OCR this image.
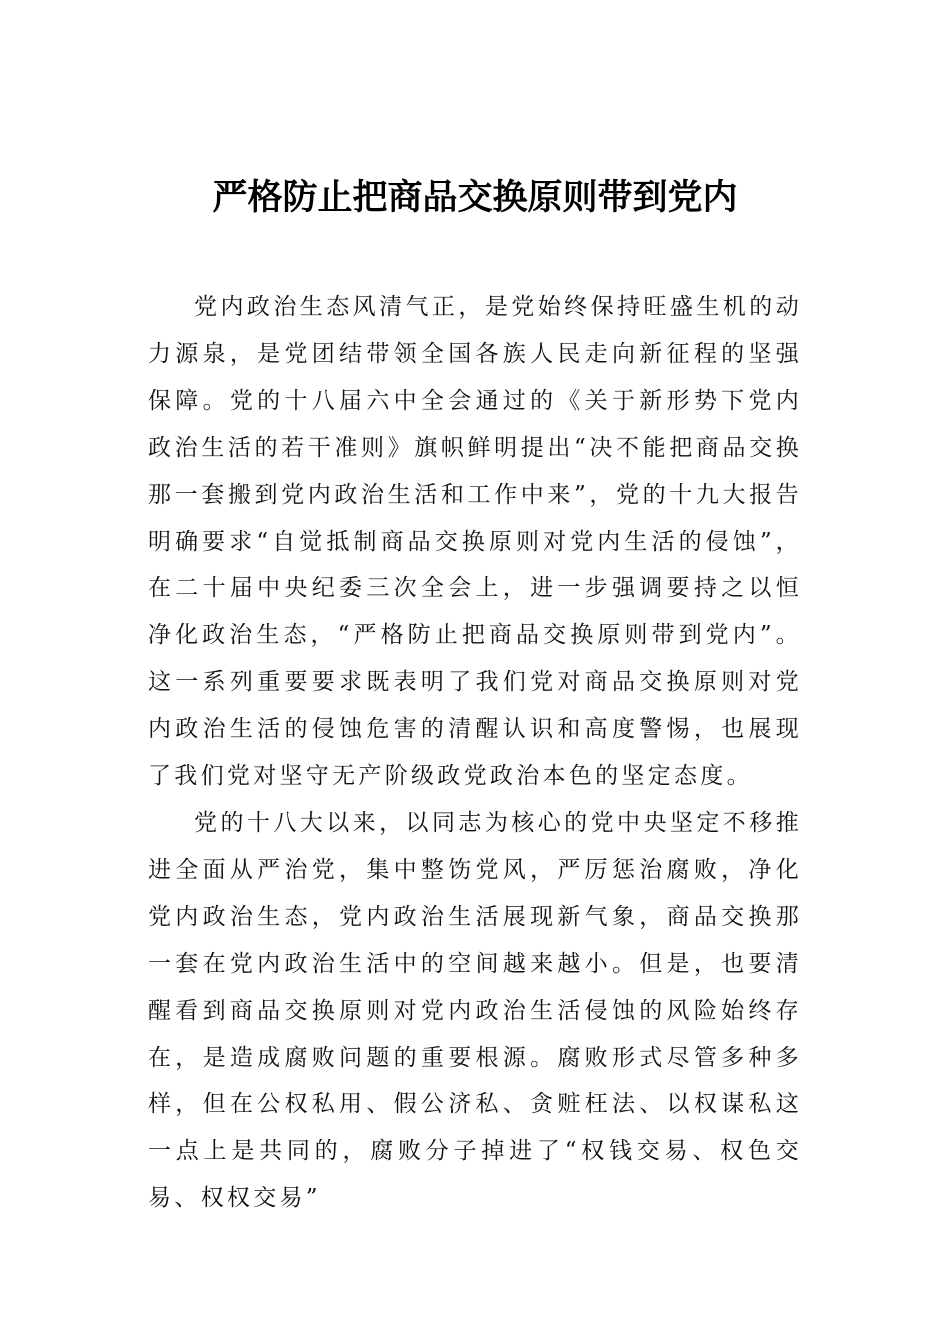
严格防止把商品交换原则带到党内

党内政治生态风清气正，是党始终保持旺盛生机的动力源泉，是党团结带领全国各族人民走向新征程的坚强保障。党的十八届六中全会通过的《关于新形势下党内政治生活的若干准则》旗帜鲜明提出“决不能把商品交换那一套搬到党内政治生活和工作中来”，党的十九大报告明确要求“自觉抵制商品交换原则对党内生活的侵蚀”，在二十届中央纪委三次全会上，进一步强调要持之以恒净化政治生态，“严格防止把商品交换原则带到党内”。这一系列重要要求既表明了我们党对商品交换原则对党内政治生活的侵蚀危害的清醒认识和高度警惕，也展现了我们党对坚守无产阶级政党政治本色的坚定态度。

党的十八大以来，以同志为核心的党中央坚定不移推进全面从严治党，集中整饬党风，严厉惩治腐败，净化党内政治生态，党内政治生活展现新气象，商品交换那一套在党内政治生活中的空间越来越小。但是，也要清醒看到商品交换原则对党内政治生活侵蚀的风险始终存在，是造成腐败问题的重要根源。腐败形式尽管多种多样，但在公权私用、假公济私、贪赃枉法、以权谋私这一点上是共同的，腐败分子掉进了“权钱交易、权色交易、权权交易”
